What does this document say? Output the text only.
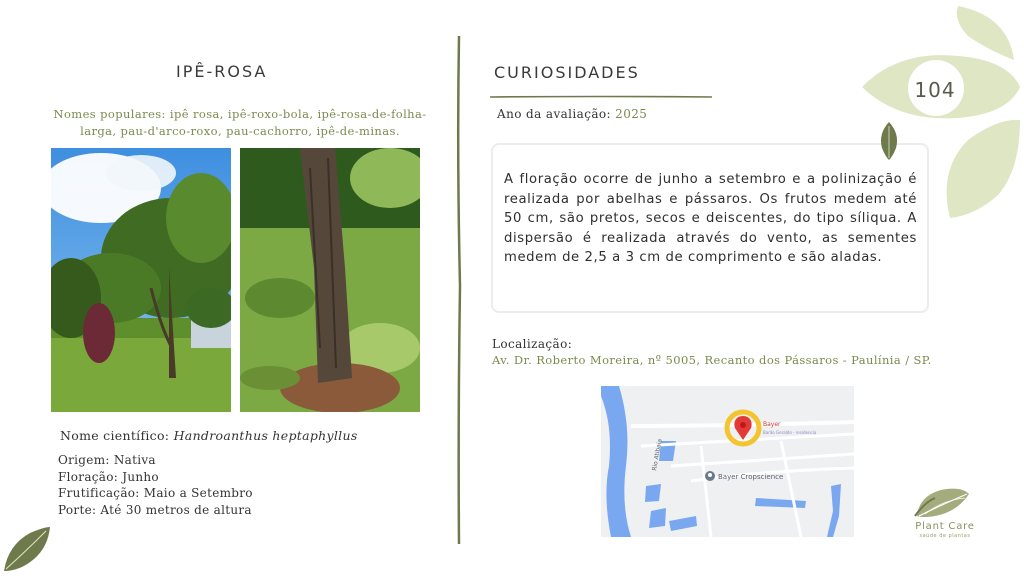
IPÊ-ROSA
Nomes populares: ipê rosa, ipê-roxo-bola, ipê-rosa-de-folha-larga, pau-d'arco-roxo, pau-cachorro, ipê-de-minas.
Nome científico: Handroanthus heptaphyllus
Origem: Nativa
Floração: Junho
Frutificação: Maio a Setembro
Porte: Até 30 metros de altura
CURIOSIDADES
Ano da avaliação: 2025
A floração ocorre de junho a setembro e a polinização é realizada por abelhas e pássaros. Os frutos medem até 50 cm, são pretos, secos e deiscentes, do tipo síliqua. A dispersão é realizada através do vento, as sementes medem de 2,5 a 3 cm de comprimento e são aladas.
Localização:
Av. Dr. Roberto Moreira, nº 5005, Recanto dos Pássaros - Paulínia / SP.
Bayer
Barão Geraldo - residencia
Bayer Cropscience
Rio Atibaia
104
Plant Care
saúde de plantas
